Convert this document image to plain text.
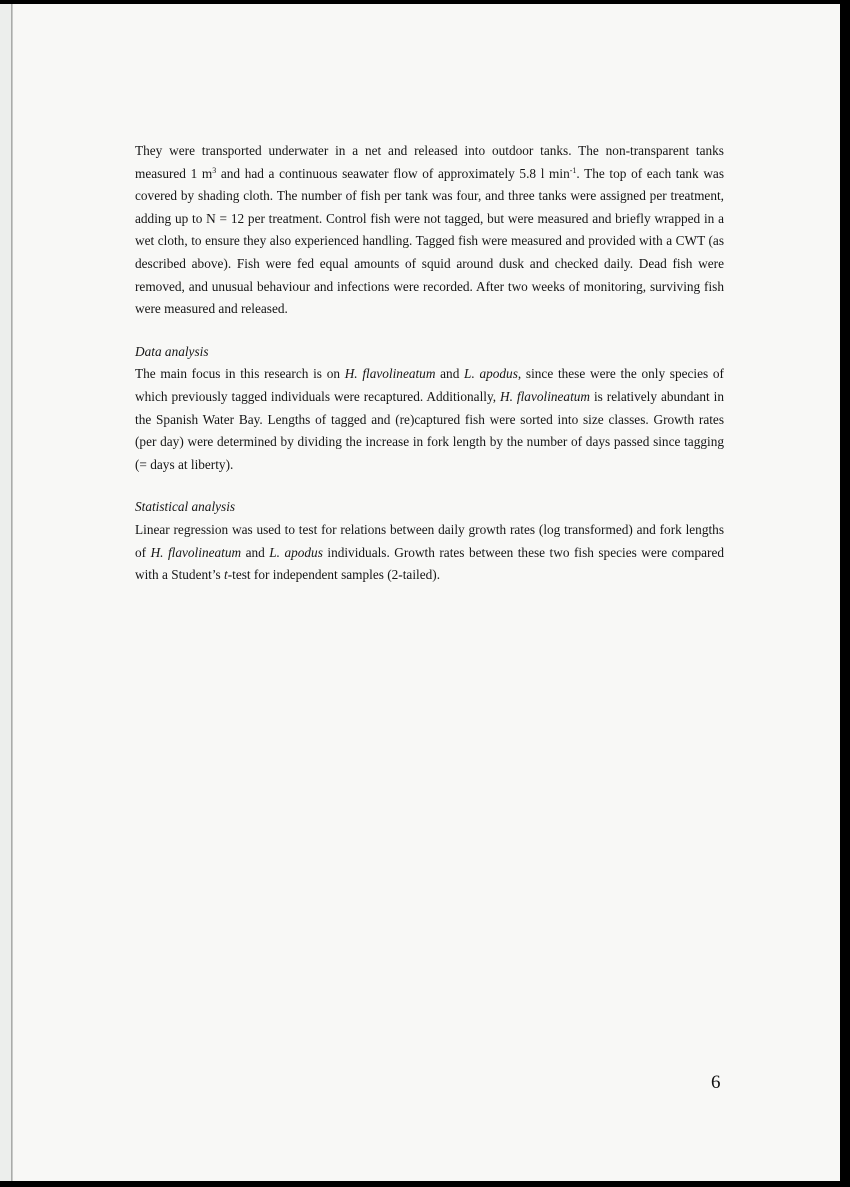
They were transported underwater in a net and released into outdoor tanks. The non-transparent tanks measured 1 $m^3$ and had a continuous seawater flow of approximately 5.8 l $\min^{-1}$. The top of each tank was covered by shading cloth. The number of fish per tank was four, and three tanks were assigned per treatment, adding up to N = 12 per treatment. Control fish were not tagged, but were measured and briefly wrapped in a wet cloth, to ensure they also experienced handling. Tagged fish were measured and provided with a CWT (as described above). Fish were fed equal amounts of squid around dusk and checked daily. Dead fish were removed, and unusual behaviour and infections were recorded. After two weeks of monitoring, surviving fish were measured and released.

Data analysis

The main focus in this research is on H. flavolineatum and L. apodus, since these were the only species of which previously tagged individuals were recaptured. Additionally, H. flavolineatum is relatively abundant in the Spanish Water Bay. Lengths of tagged and (re)captured fish were sorted into size classes. Growth rates (per day) were determined by dividing the increase in fork length by the number of days passed since tagging (= days at liberty).

Statistical analysis

Linear regression was used to test for relations between daily growth rates (log transformed) and fork lengths of H. flavolineatum and L. apodus individuals. Growth rates between these two fish species were compared with a Student’s t-test for independent samples (2-tailed).

6
